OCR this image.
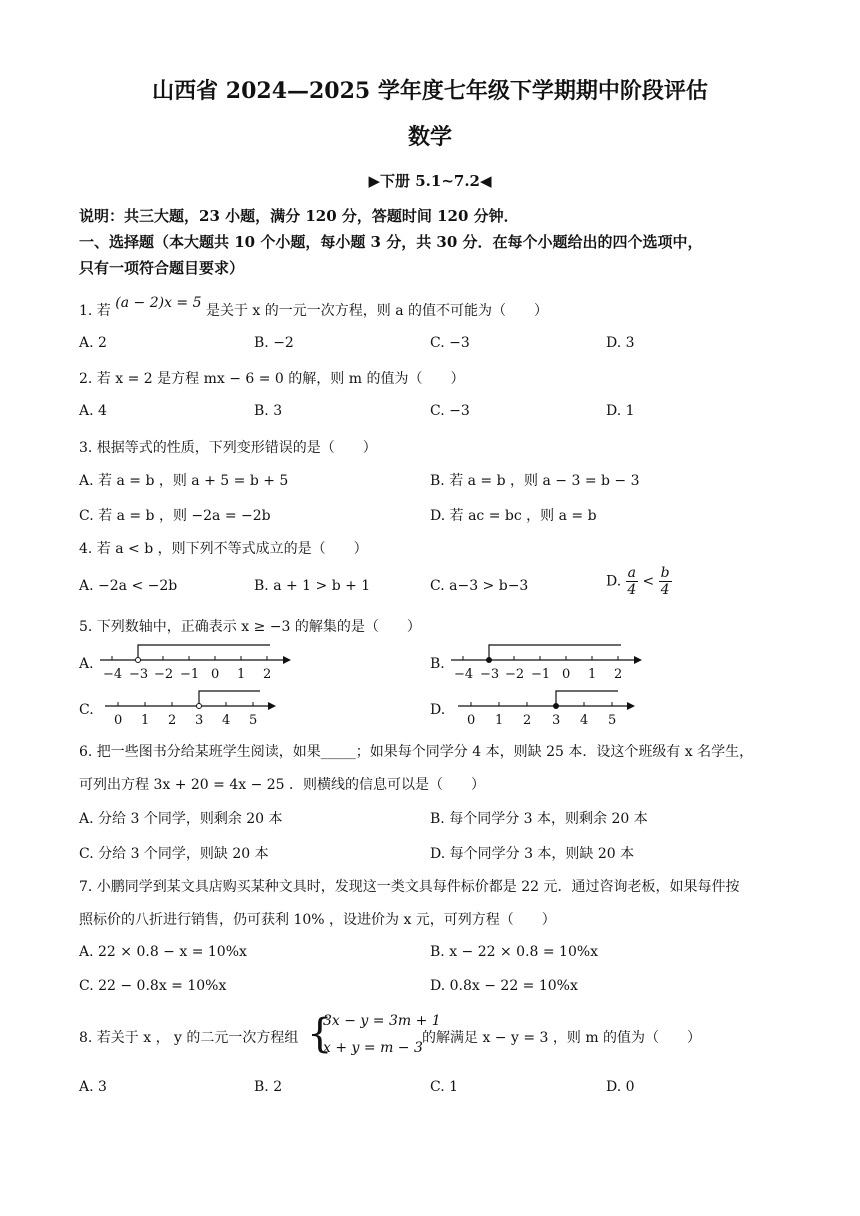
山西省 2024—2025 学年度七年级下学期期中阶段评估
数学
▶下册 5.1~7.2◀
说明：共三大题，23 小题，满分 120 分，答题时间 120 分钟．
一、选择题（本大题共 10 个小题，每小题 3 分，共 30 分．在每个小题给出的四个选项中，
只有一项符合题目要求）
1. 若 (a − 2)x = 5 是关于 x 的一元一次方程，则 a 的值不可能为（　　）
A. 2	B. −2	C. −3	D. 3
2. 若 x = 2 是方程 mx − 6 = 0 的解，则 m 的值为（　　）
A. 4	B. 3	C. −3	D. 1
3. 根据等式的性质，下列变形错误的是（　　）
A. 若 a = b ，则 a + 5 = b + 5	B. 若 a = b ，则 a − 3 = b − 3
C. 若 a = b ，则 −2a = −2b	D. 若 ac = bc ，则 a = b
4. 若 a < b ，则下列不等式成立的是（　　）
A. −2a < −2b	B. a + 1 > b + 1	C. a−3 > b−3	D. $\frac{a}{4} < \frac{b}{4}$
5. 下列数轴中，正确表示 x ≥ −3 的解集的是（　　）
A.
−4 −3 −2 −1 0 1 2
B.
−4 −3 −2 −1 0 1 2
C.
0 1 2 3 4 5
D.
0 1 2 3 4 5
6. 把一些图书分给某班学生阅读，如果_____；如果每个同学分 4 本，则缺 25 本．设这个班级有 x 名学生，
可列出方程 3x + 20 = 4x − 25 ．则横线的信息可以是（　　）
A. 分给 3 个同学，则剩余 20 本	B. 每个同学分 3 本，则剩余 20 本
C. 分给 3 个同学，则缺 20 本	D. 每个同学分 3 本，则缺 20 本
7. 小鹏同学到某文具店购买某种文具时，发现这一类文具每件标价都是 22 元．通过咨询老板，如果每件按
照标价的八折进行销售，仍可获利 10% ，设进价为 x 元，可列方程（　　）
A. 22 × 0.8 − x = 10%x	B. x − 22 × 0.8 = 10%x
C. 22 − 0.8x = 10%x	D. 0.8x − 22 = 10%x
8. 若关于 x ， y 的二元一次方程组 {
3x − y = 3m + 1
x + y = m − 3
的解满足 x − y = 3 ，则 m 的值为（　　）
A. 3	B. 2	C. 1	D. 0
